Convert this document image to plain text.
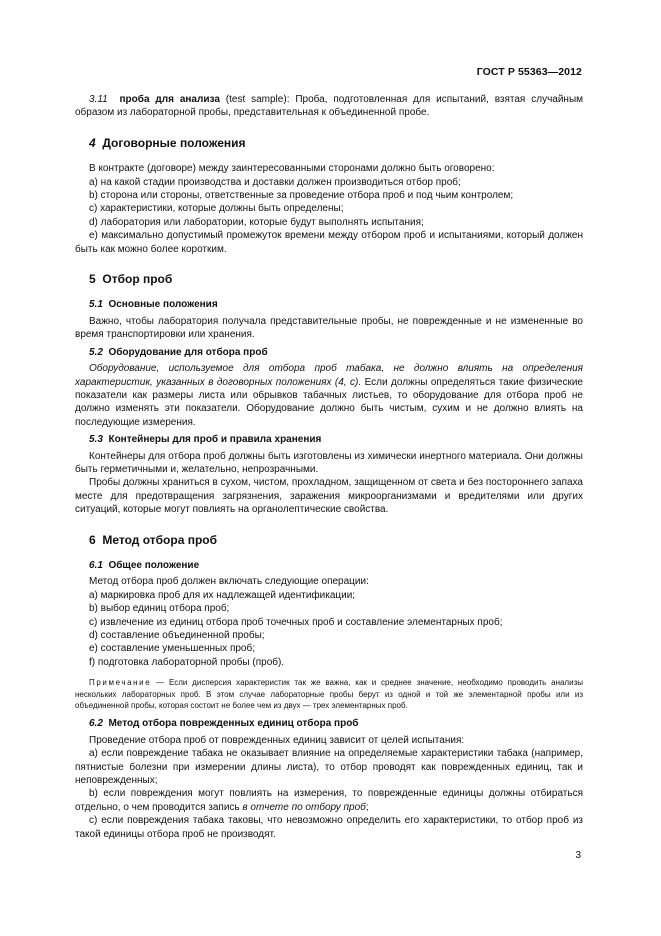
ГОСТ Р 55363—2012

3.11 проба для анализа (test sample): Проба, подготовленная для испытаний, взятая случайным образом из лабораторной пробы, представительная к объединенной пробе.

4 Договорные положения

В контракте (договоре) между заинтересованными сторонами должно быть оговорено:

a) на какой стадии производства и доставки должен производиться отбор проб;

b) сторона или стороны, ответственные за проведение отбора проб и под чьим контролем;

c) характеристики, которые должны быть определены;

d) лаборатория или лаборатории, которые будут выполнять испытания;

e) максимально допустимый промежуток времени между отбором проб и испытаниями, который должен быть как можно более коротким.

5 Отбор проб
5.1 Основные положения

Важно, чтобы лаборатория получала представительные пробы, не поврежденные и не измененные во время транспортировки или хранения.

5.2 Оборудование для отбора проб

Оборудование, используемое для отбора проб табака, не должно влиять на определения характеристик, указанных в договорных положениях (4, с). Если должны определяться такие физические показатели как размеры листа или обрывков табачных листьев, то оборудование для отбора проб не должно изменять эти показатели. Оборудование должно быть чистым, сухим и не должно влиять на последующие измерения.

5.3 Контейнеры для проб и правила хранения

Контейнеры для отбора проб должны быть изготовлены из химически инертного материала. Они должны быть герметичными и, желательно, непрозрачными.

Пробы должны храниться в сухом, чистом, прохладном, защищенном от света и без постороннего запаха месте для предотвращения загрязнения, заражения микроорганизмами и вредителями или других ситуаций, которые могут повлиять на органолептические свойства.

6 Метод отбора проб
6.1 Общее положение

Метод отбора проб должен включать следующие операции:

a) маркировка проб для их надлежащей идентификации;

b) выбор единиц отбора проб;

c) извлечение из единиц отбора проб точечных проб и составление элементарных проб;

d) составление объединенной пробы;

e) составление уменьшенных проб;

f) подготовка лабораторной пробы (проб).

Примечание — Если дисперсия характеристик так же важна, как и среднее значение, необходимо проводить анализы нескольких лабораторных проб. В этом случае лабораторные пробы берут из одной и той же элементарной пробы или из объединенной пробы, которая состоит не более чем из двух — трех элементарных проб.

6.2 Метод отбора поврежденных единиц отбора проб

Проведение отбора проб от поврежденных единиц зависит от целей испытания:

а) если повреждение табака не оказывает влияние на определяемые характеристики табака (например, пятнистые болезни при измерении длины листа), то отбор проводят как поврежденных единиц, так и неповрежденных;

b) если повреждения могут повлиять на измерения, то поврежденные единицы должны отбираться отдельно, о чем проводится запись в отчете по отбору проб;

с) если повреждения табака таковы, что невозможно определить его характеристики, то отбор проб из такой единицы отбора проб не производят.

3
